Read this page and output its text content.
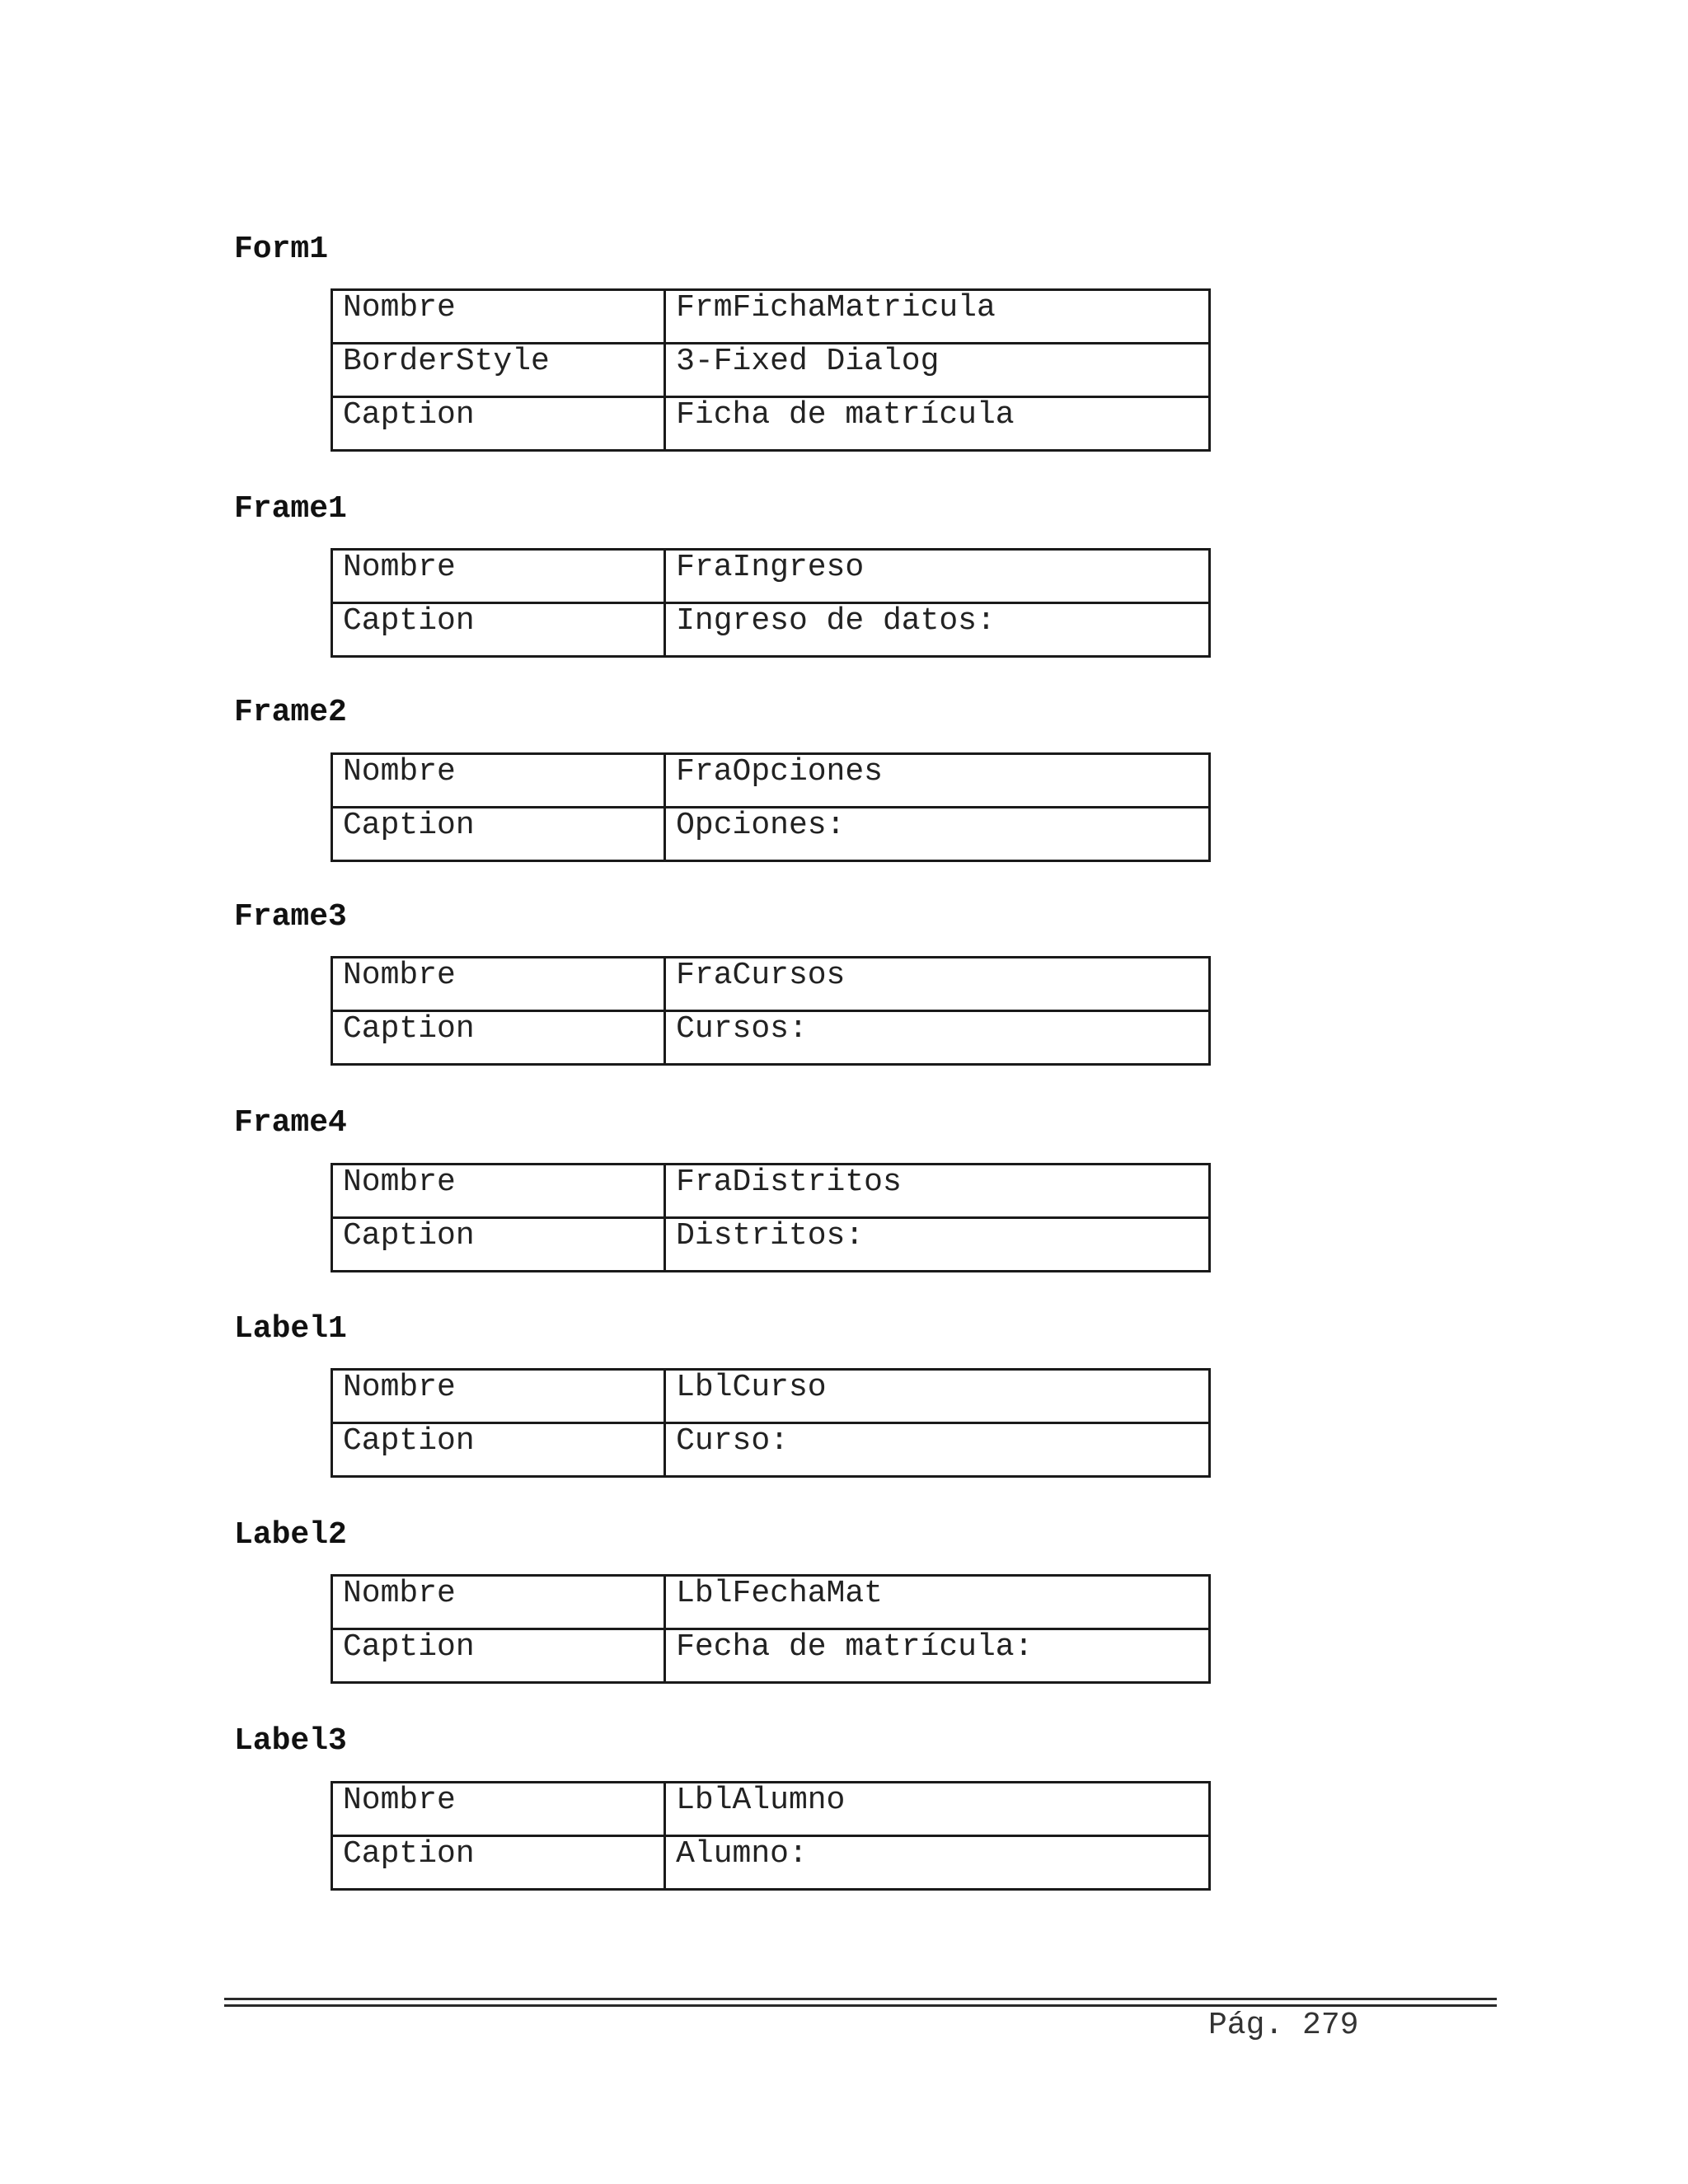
Form1
Nombre	FrmFichaMatricula
BorderStyle	3-Fixed Dialog
Caption	Ficha de matrícula
Frame1
Nombre	FraIngreso
Caption	Ingreso de datos:
Frame2
Nombre	FraOpciones
Caption	Opciones:
Frame3
Nombre	FraCursos
Caption	Cursos:
Frame4
Nombre	FraDistritos
Caption	Distritos:
Label1
Nombre	LblCurso
Caption	Curso:
Label2
Nombre	LblFechaMat
Caption	Fecha de matrícula:
Label3
Nombre	LblAlumno
Caption	Alumno:
Pág. 279
